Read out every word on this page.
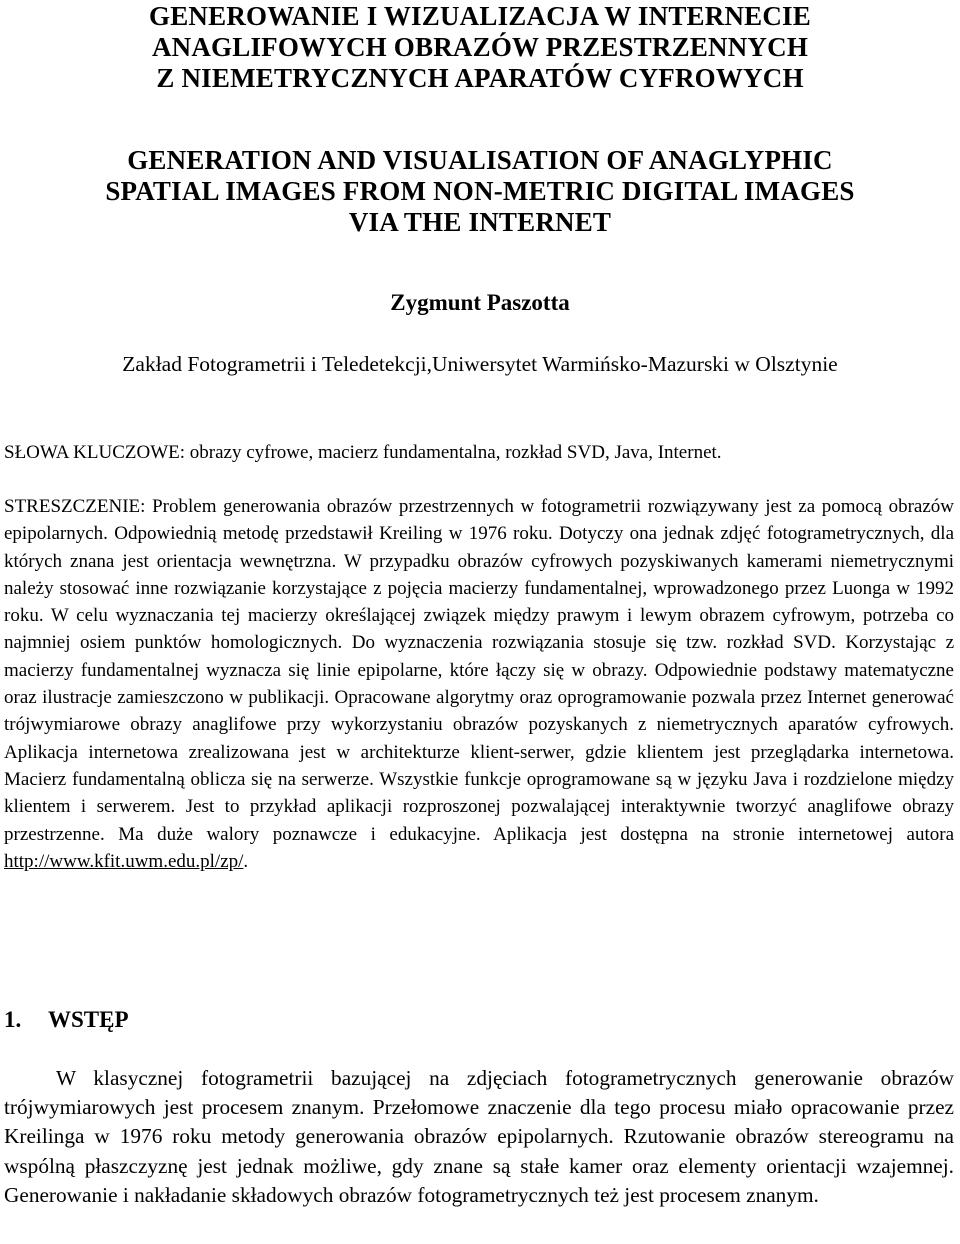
GENEROWANIE I WIZUALIZACJA W INTERNECIE
ANAGLIFOWYCH OBRAZÓW PRZESTRZENNYCH
Z NIEMETRYCZNYCH APARATÓW CYFROWYCH
GENERATION AND VISUALISATION OF ANAGLYPHIC
SPATIAL IMAGES FROM NON-METRIC DIGITAL IMAGES
VIA THE INTERNET
Zygmunt Paszotta
Zakład Fotogrametrii i Teledetekcji,Uniwersytet Warmińsko-Mazurski w Olsztynie
SŁOWA KLUCZOWE: obrazy cyfrowe, macierz fundamentalna, rozkład SVD, Java, Internet.
STRESZCZENIE: Problem generowania obrazów przestrzennych w fotogrametrii rozwiązywany jest za pomocą obrazów epipolarnych. Odpowiednią metodę przedstawił Kreiling w 1976 roku. Dotyczy ona jednak zdjęć fotogrametrycznych, dla których znana jest orientacja wewnętrzna. W przypadku obrazów cyfrowych pozyskiwanych kamerami niemetrycznymi należy stosować inne rozwiązanie korzystające z pojęcia macierzy fundamentalnej, wprowadzonego przez Luonga w 1992 roku. W celu wyznaczania tej macierzy określającej związek między prawym i lewym obrazem cyfrowym, potrzeba co najmniej osiem punktów homologicznych. Do wyznaczenia rozwiązania stosuje się tzw. rozkład SVD. Korzystając z macierzy fundamentalnej wyznacza się linie epipolarne, które łączy się w obrazy. Odpowiednie podstawy matematyczne oraz ilustracje zamieszczono w publikacji. Opracowane algorytmy oraz oprogramowanie pozwala przez Internet generować trójwymiarowe obrazy anaglifowe przy wykorzystaniu obrazów pozyskanych z niemetrycznych aparatów cyfrowych. Aplikacja internetowa zrealizowana jest w architekturze klient-serwer, gdzie klientem jest przeglądarka internetowa. Macierz fundamentalną oblicza się na serwerze. Wszystkie funkcje oprogramowane są w języku Java i rozdzielone między klientem i serwerem. Jest to przykład aplikacji rozproszonej pozwalającej interaktywnie tworzyć anaglifowe obrazy przestrzenne. Ma duże walory poznawcze i edukacyjne. Aplikacja jest dostępna na stronie internetowej autora http://www.kfit.uwm.edu.pl/zp/.
1. WSTĘP
W klasycznej fotogrametrii bazującej na zdjęciach fotogrametrycznych generowanie obrazów trójwymiarowych jest procesem znanym. Przełomowe znaczenie dla tego procesu miało opracowanie przez Kreilinga w 1976 roku metody generowania obrazów epipolarnych. Rzutowanie obrazów stereogramu na wspólną płaszczyznę jest jednak możliwe, gdy znane są stałe kamer oraz elementy orientacji wzajemnej. Generowanie i nakładanie składowych obrazów fotogrametrycznych też jest procesem znanym.
